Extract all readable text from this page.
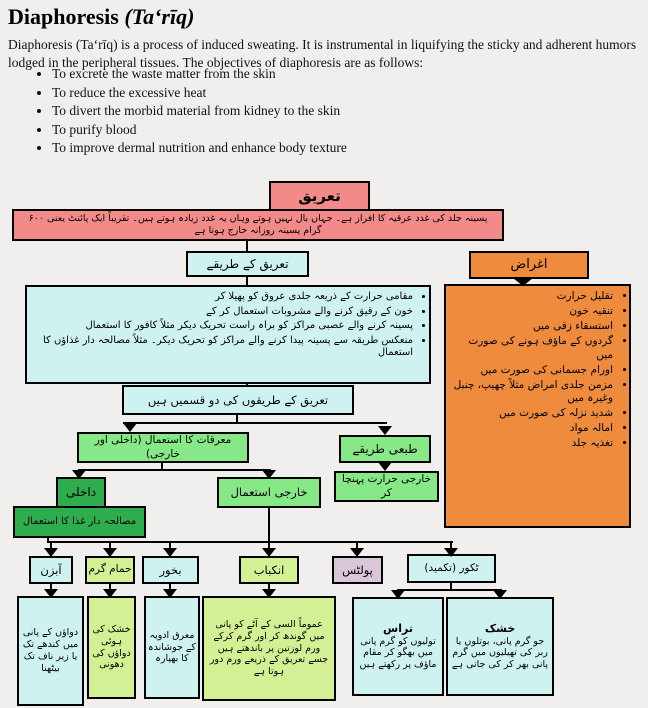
Diaphoresis (Ta‘rīq)

Diaphoresis (Ta‘rīq) is a process of induced sweating. It is instrumental in liquifying the sticky and adherent humors lodged in the peripheral tissues. The objectives of diaphoresis are as follows:

• To excrete the waste matter from the skin
• To reduce the excessive heat
• To divert the morbid material from kidney to the skin
• To purify blood
• To improve dermal nutrition and enhance body texture
تعریق
پسینہ جلد کی غدد عرقیہ کا افراز ہے۔ جہاں بال نہیں ہوتے وہاں یہ غدد زیادہ ہوتے ہیں۔ تقریباً ایک پائنٹ یعنی ۶۰۰ گرام پسینہ روزانہ خارج ہوتا ہے
تعریق کے طریقے	اغراض
• مقامی حرارت کے ذریعہ جلدی عروق کو پھیلا کر
• خون کے رقیق کرنے والے مشروبات استعمال کر کے
• پسینہ کرنے والے عصبی مراکز کو براہ راست تحریک دیکر مثلاً کافور کا استعمال
• منعکس طریقہ سے پسینہ پیدا کرنے والے مراکز کو تحریک دیکر۔ مثلاً مصالحہ دار غذاؤں کا استعمال
• تقلیل حرارت
• تنقیہ خون
• استسقاء زقی میں
• گردوں کے ماؤف ہونے کی صورت میں
• اورام جسمانی کی صورت میں
• مزمن جلدی امراض مثلاً چھیپ، چنبل وغیرہ میں
• شدید نزلہ کی صورت میں
• امالہ مواد
• تغذیہ جلد
تعریق کے طریقوں کی دو قسمیں ہیں
معرقات کا استعمال (داخلی اور خارجی)	طبعی طریقے
خارجی حرارت پہنچا کر
داخلی
مصالحہ دار غذا کا استعمال
خارجی استعمال
آبزن	حمام گرم	بخور	انکباب	پولٹس	ٹکور (تکمید)
دواؤں کے پانی میں کندھے تک یا زیر ناف تک بیٹھنا
خشک کی ہوئی دواؤں کی دھونی
معرق ادویہ کے جوشاندہ کا بھپارہ
عموماً السی کے آٹے کو پانی میں گوندھ کر اور گرم کرکے ورم لوزتین پر باندھتے ہیں جسے تعریق کے ذریعے ورم دور ہوتا ہے
تراس
تولیوں کو گرم پانی میں بھگو کر مقام ماؤف پر رکھتے ہیں
خشک
جو گرم پانی، بوتلوں یا ربر کی تھیلیوں میں گرم پانی بھر کر کی جاتی ہے
